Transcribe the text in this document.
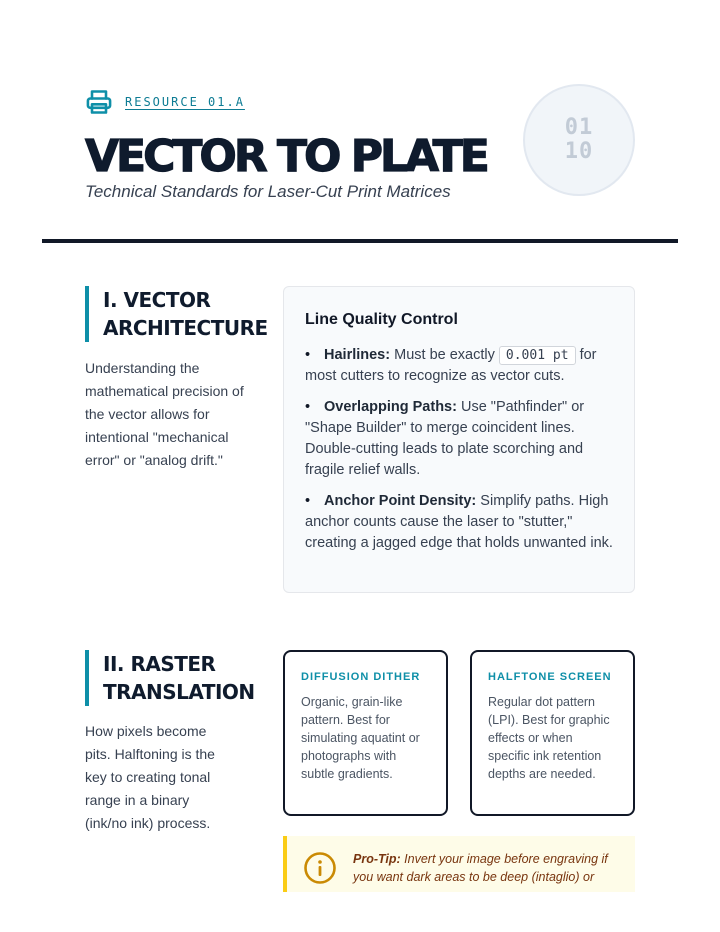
RESOURCE 01.A
VECTOR TO PLATE

Technical Standards for Laser-Cut Print Matrices

01
10
I. VECTOR
ARCHITECTURE

Understanding the mathematical precision of the vector allows for intentional "mechanical error" or "analog drift."

Line Quality Control
• Hairlines: Must be exactly 0.001 pt for most cutters to recognize as vector cuts.
• Overlapping Paths: Use "Pathfinder" or "Shape Builder" to merge coincident lines. Double-cutting leads to plate scorching and fragile relief walls.
• Anchor Point Density: Simplify paths. High anchor counts cause the laser to "stutter," creating a jagged edge that holds unwanted ink.
II. RASTER
TRANSLATION

How pixels become pits. Halftoning is the key to creating tonal range in a binary (ink/no ink) process.

DIFFUSION DITHER

Organic, grain-like pattern. Best for simulating aquatint or photographs with subtle gradients.

HALFTONE SCREEN

Regular dot pattern (LPI). Best for graphic effects or when specific ink retention depths are needed.

Pro-Tip: Invert your image before engraving if you want dark areas to be deep (intaglio) or
